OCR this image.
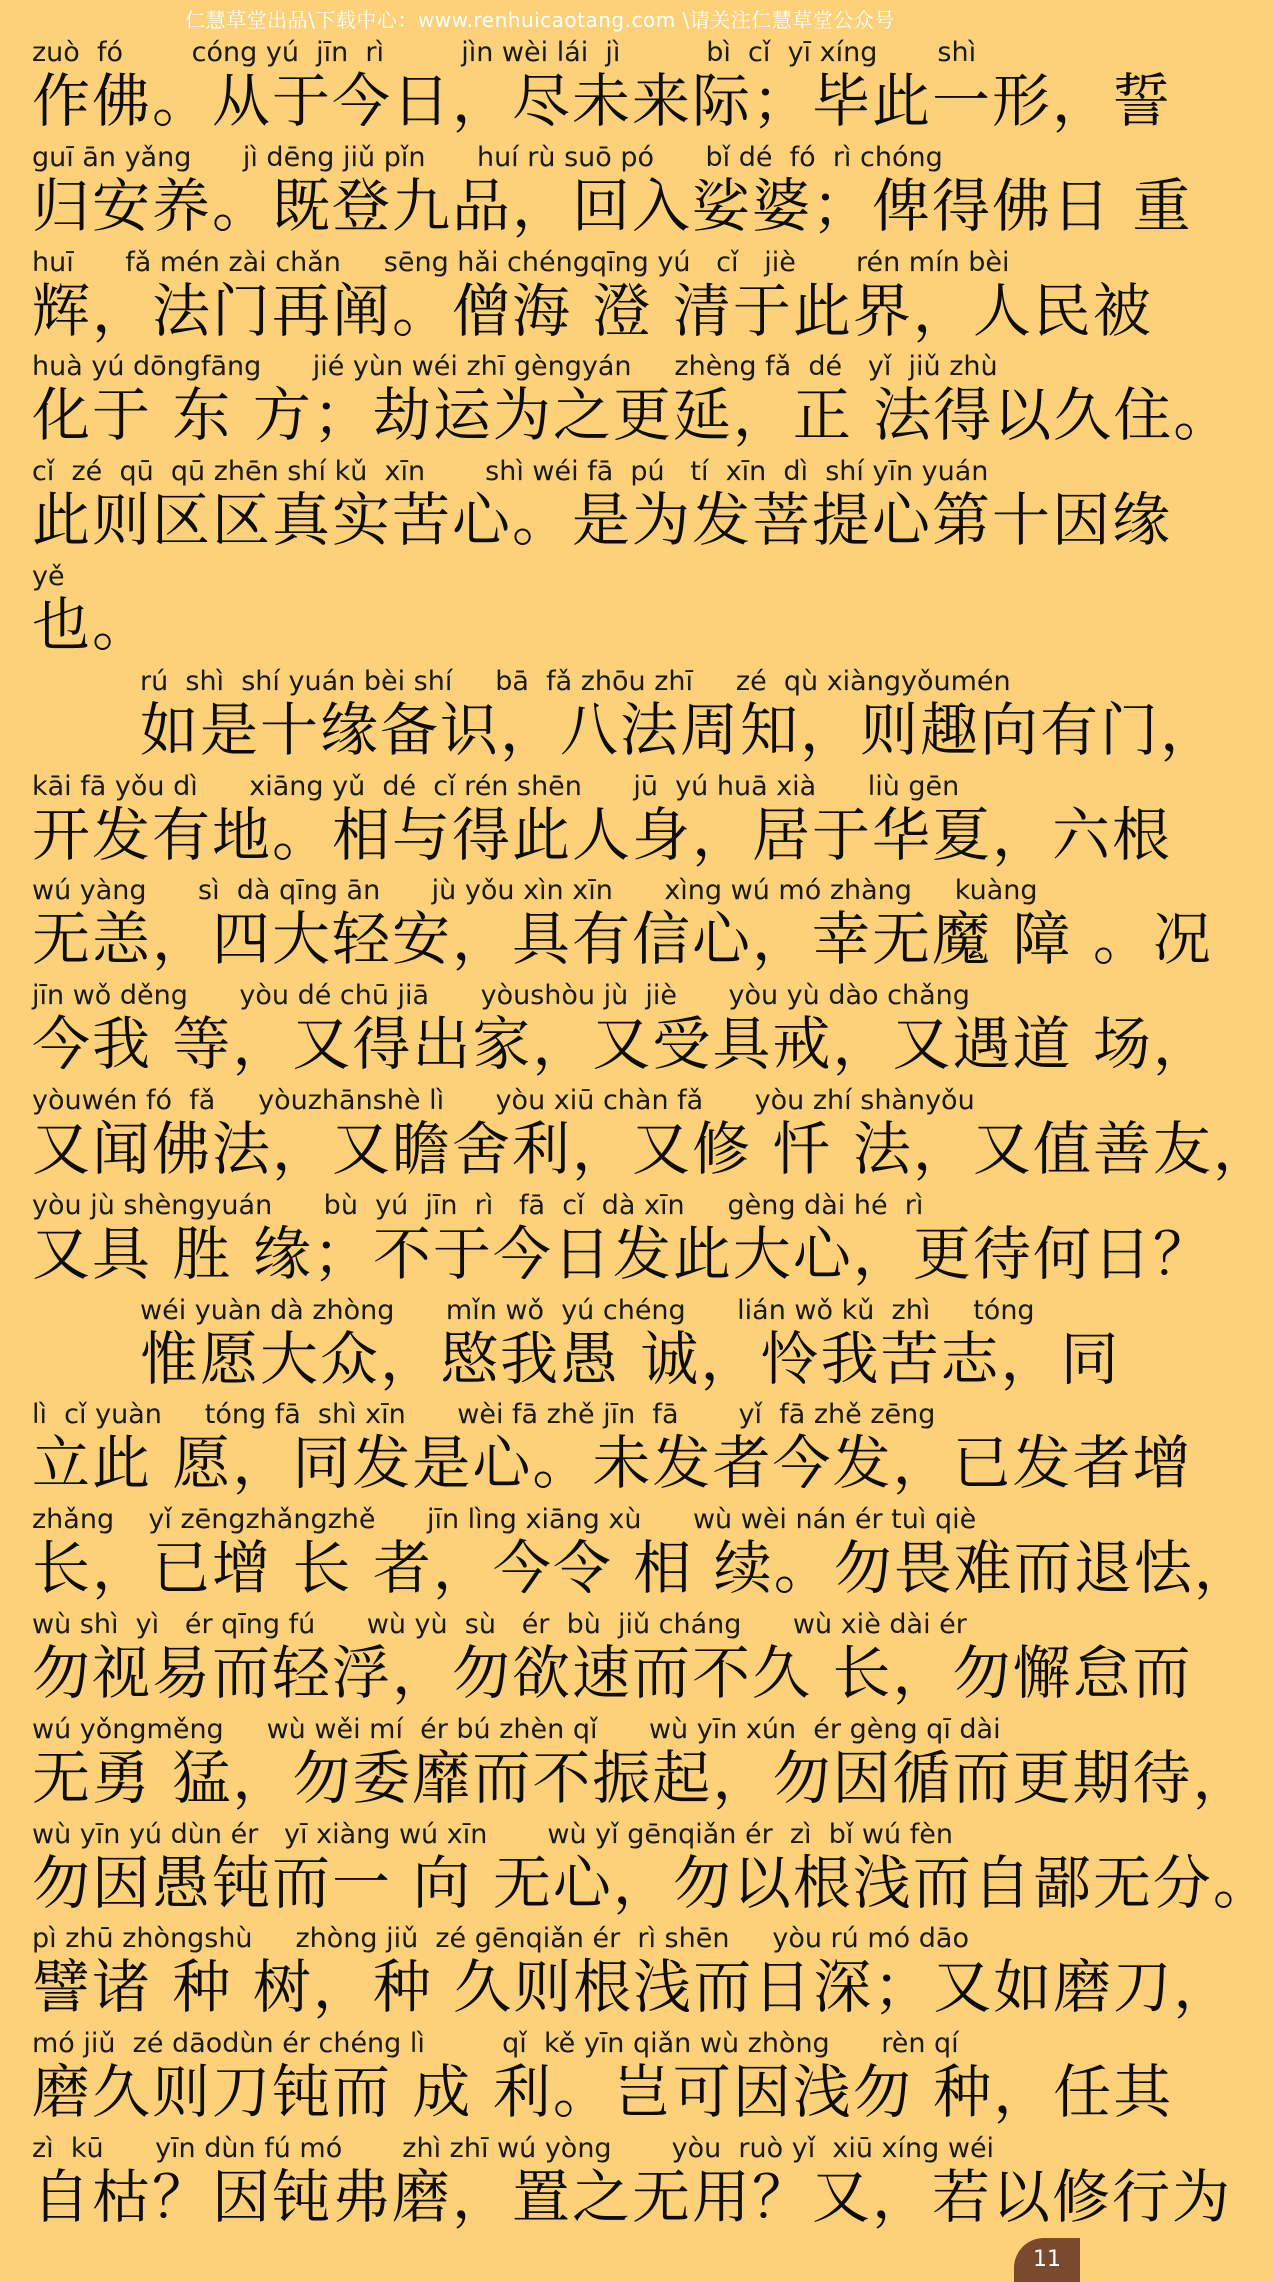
仁慧草堂出品\下载中心：www.renhuicaotang.com \请关注仁慧草堂公众号
zuò  fó        cóng yú  jīn  rì         jìn wèi lái  jì          bì  cǐ  yī xíng       shì
作佛。从于今日，尽未来际；毕此一形，誓
guī ān yǎng      jì dēng jiǔ pǐn      huí rù suō pó      bǐ dé  fó  rì chóng
归安养。既登九品，回入娑婆；俾得佛日 重
huī      fǎ mén zài chǎn     sēng hǎi chéngqīng yú   cǐ   jiè       rén mín bèi
辉，法门再阐。僧海 澄 清于此界，人民被
huà yú dōngfāng      jié yùn wéi zhī gèngyán     zhèng fǎ  dé   yǐ  jiǔ zhù
化于 东 方；劫运为之更延，正 法得以久住。
cǐ  zé  qū  qū zhēn shí kǔ  xīn       shì wéi fā  pú   tí  xīn  dì  shí yīn yuán
此则区区真实苦心。是为发菩提心第十因缘
yě
也。
rú  shì  shí yuán bèi shí     bā  fǎ zhōu zhī     zé  qù xiàngyǒumén
如是十缘备识，八法周知，则趣向有门，
kāi fā yǒu dì      xiāng yǔ  dé  cǐ rén shēn      jū  yú huā xià      liù gēn
开发有地。相与得此人身，居于华夏，六根
wú yàng      sì  dà qīng ān      jù yǒu xìn xīn      xìng wú mó zhàng     kuàng
无恙，四大轻安，具有信心，幸无魔 障 。况
jīn wǒ děng      yòu dé chū jiā      yòushòu jù  jiè      yòu yù dào chǎng
今我 等，又得出家，又受具戒，又遇道 场，
yòuwén fó  fǎ     yòuzhānshè lì      yòu xiū chàn fǎ      yòu zhí shànyǒu
又闻佛法，又瞻舍利，又修 忏 法，又值善友，
yòu jù shèngyuán      bù  yú  jīn  rì   fā  cǐ  dà xīn     gèng dài hé  rì
又具 胜 缘；不于今日发此大心，更待何日？
wéi yuàn dà zhòng      mǐn wǒ  yú chéng      lián wǒ kǔ  zhì     tóng
惟愿大众，愍我愚 诚，怜我苦志，同
lì  cǐ yuàn     tóng fā  shì xīn      wèi fā zhě jīn  fā       yǐ  fā zhě zēng
立此 愿，同发是心。未发者今发，已发者增
zhǎng    yǐ zēngzhǎngzhě      jīn lìng xiāng xù      wù wèi nán ér tuì qiè
长，已增 长 者，今令 相 续。勿畏难而退怯，
wù shì  yì   ér qīng fú      wù yù  sù   ér  bù  jiǔ cháng      wù xiè dài ér
勿视易而轻浮，勿欲速而不久 长，勿懈怠而
wú yǒngměng     wù wěi mí  ér bú zhèn qǐ      wù yīn xún  ér gèng qī dài
无勇 猛，勿委靡而不振起，勿因循而更期待，
wù yīn yú dùn ér   yī xiàng wú xīn       wù yǐ gēnqiǎn ér  zì  bǐ wú fèn
勿因愚钝而一 向 无心，勿以根浅而自鄙无分。
pì zhū zhòngshù     zhòng jiǔ  zé gēnqiǎn ér  rì shēn     yòu rú mó dāo
譬诸 种 树，种 久则根浅而日深；又如磨刀，
mó jiǔ  zé dāodùn ér chéng lì         qǐ  kě yīn qiǎn wù zhòng      rèn qí
磨久则刀钝而 成 利。岂可因浅勿 种，任其
zì  kū      yīn dùn fú mó       zhì zhī wú yòng       yòu  ruò yǐ  xiū xíng wéi
自枯？因钝弗磨，置之无用？又，若以修行为
11
